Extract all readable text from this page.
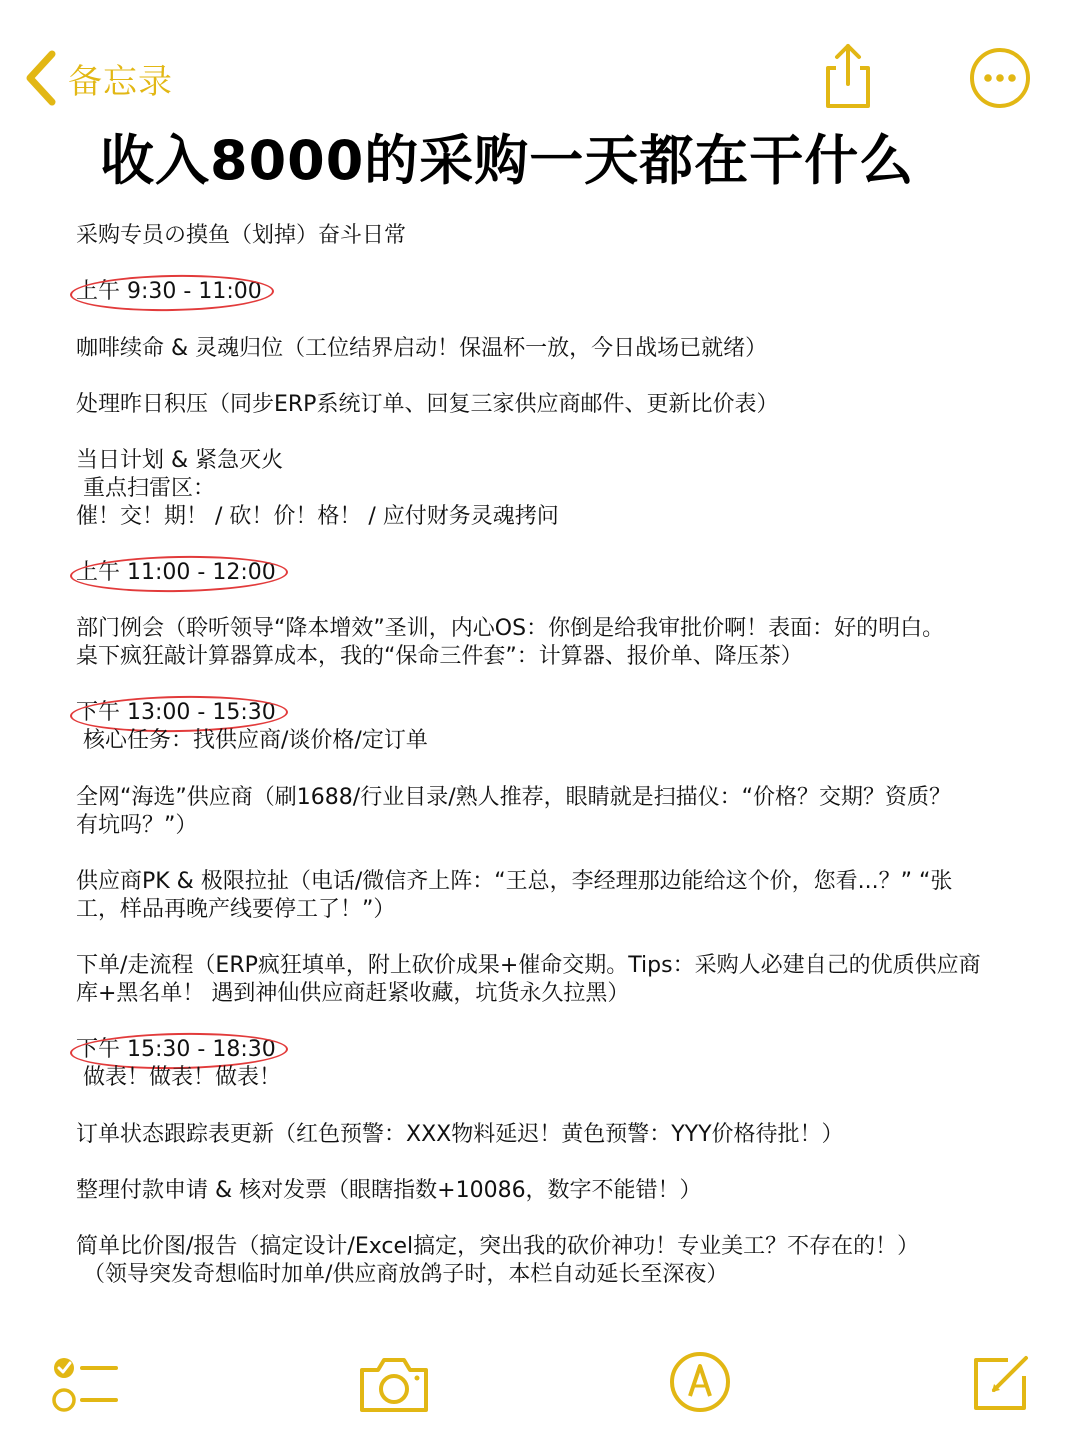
备忘录
收入8000的采购一天都在干什么
采购专员の摸鱼（划掉）奋斗日常
上午 9:30 - 11:00
咖啡续命 & 灵魂归位（工位结界启动！保温杯一放，今日战场已就绪）
处理昨日积压（同步ERP系统订单、回复三家供应商邮件、更新比价表）
当日计划 & 紧急灭火
重点扫雷区：
催！交！期！ / 砍！价！格！ / 应付财务灵魂拷问
上午 11:00 - 12:00
部门例会（聆听领导“降本增效”圣训，内心OS：你倒是给我审批价啊！表面：好的明白。
桌下疯狂敲计算器算成本，我的“保命三件套”：计算器、报价单、降压茶）
下午 13:00 - 15:30
核心任务：找供应商/谈价格/定订单
全网“海选”供应商（刷1688/行业目录/熟人推荐，眼睛就是扫描仪：“价格？交期？资质？
有坑吗？”）
供应商PK & 极限拉扯（电话/微信齐上阵：“王总，李经理那边能给这个价，您看...？” “张
工，样品再晚产线要停工了！”）
下单/走流程（ERP疯狂填单，附上砍价成果+催命交期。Tips：采购人必建自己的优质供应商
库+黑名单！ 遇到神仙供应商赶紧收藏，坑货永久拉黑）
下午 15:30 - 18:30
做表！做表！做表！
订单状态跟踪表更新（红色预警：XXX物料延迟！黄色预警：YYY价格待批！）
整理付款申请 & 核对发票（眼瞎指数+10086，数字不能错！）
简单比价图/报告（搞定设计/Excel搞定，突出我的砍价神功！专业美工？不存在的！）
（领导突发奇想临时加单/供应商放鸽子时，本栏自动延长至深夜）
